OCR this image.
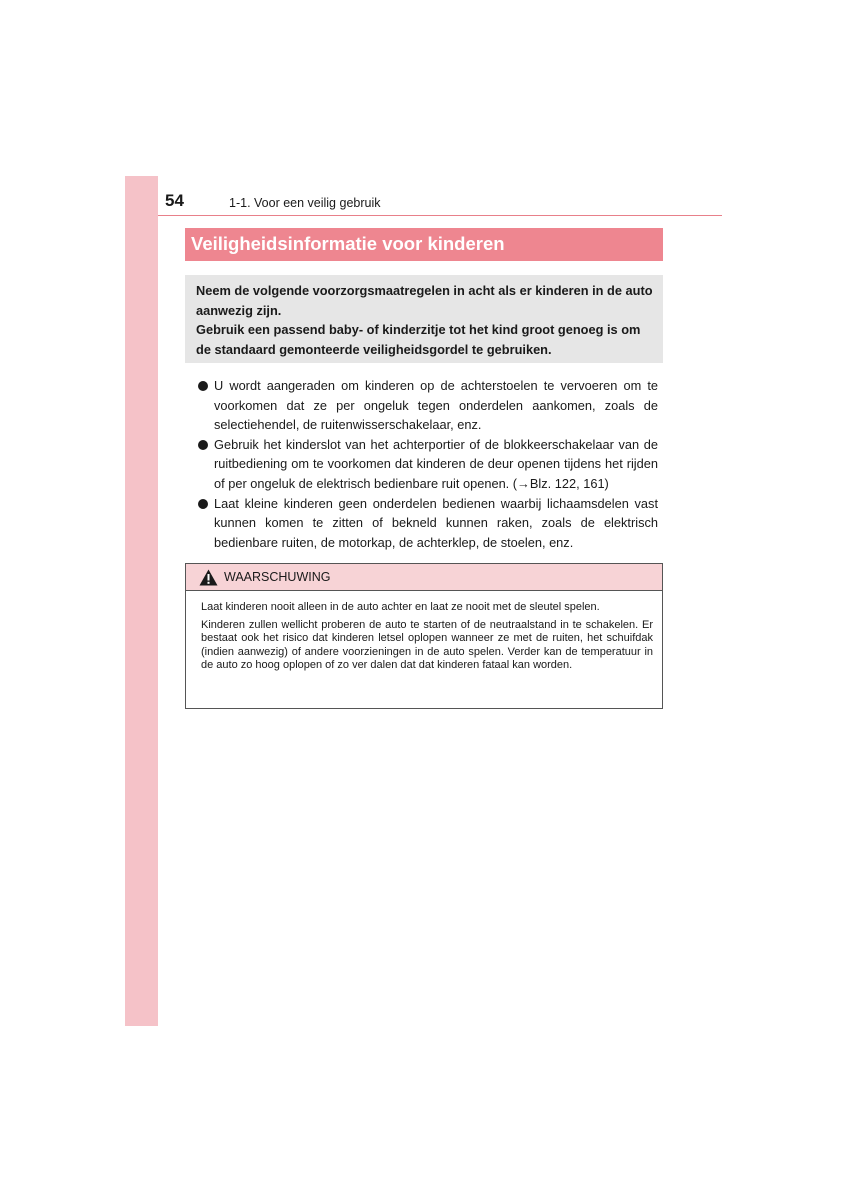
54	1-1. Voor een veilig gebruik
Veiligheidsinformatie voor kinderen

Neem de volgende voorzorgsmaatregelen in acht als er kinderen in de auto aanwezig zijn.

Gebruik een passend baby- of kinderzitje tot het kind groot genoeg is om de standaard gemonteerde veiligheidsgordel te gebruiken.

U wordt aangeraden om kinderen op de achterstoelen te vervoeren om te voorkomen dat ze per ongeluk tegen onderdelen aankomen, zoals de selectiehendel, de ruitenwisserschakelaar, enz.
Gebruik het kinderslot van het achterportier of de blokkeerschakelaar van de ruitbediening om te voorkomen dat kinderen de deur openen tijdens het rijden of per ongeluk de elektrisch bedienbare ruit openen. (→Blz. 122, 161)
Laat kleine kinderen geen onderdelen bedienen waarbij lichaamsdelen vast kunnen komen te zitten of bekneld kunnen raken, zoals de elektrisch bedienbare ruiten, de motorkap, de achterklep, de stoelen, enz.
WAARSCHUWING

Laat kinderen nooit alleen in de auto achter en laat ze nooit met de sleutel spelen.

Kinderen zullen wellicht proberen de auto te starten of de neutraalstand in te schakelen. Er bestaat ook het risico dat kinderen letsel oplopen wanneer ze met de ruiten, het schuifdak (indien aanwezig) of andere voorzieningen in de auto spelen. Verder kan de temperatuur in de auto zo hoog oplopen of zo ver dalen dat dat kinderen fataal kan worden.
